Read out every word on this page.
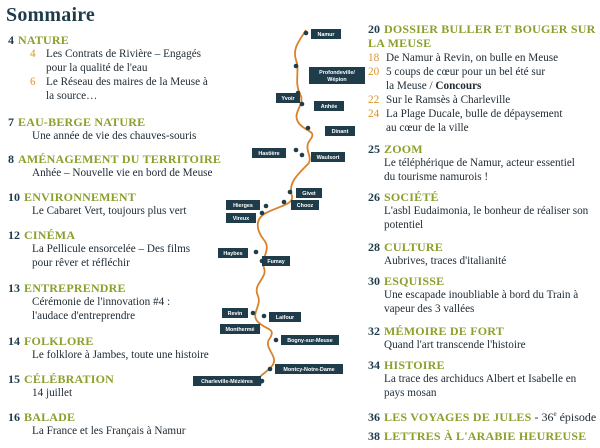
Sommaire
4 NATURE
4 Les Contrats de Rivière – Engagés pour la qualité de l'eau
6 Le Réseau des maires de la Meuse à la source…
7 EAU-BERGE NATURE
Une année de vie des chauves-souris
8 AMÉNAGEMENT DU TERRITOIRE
Anhée – Nouvelle vie en bord de Meuse
10 ENVIRONNEMENT
Le Cabaret Vert, toujours plus vert
12 CINÉMA
La Pellicule ensorcelée – Des films pour rêver et réfléchir
13 ENTREPRENDRE
Cérémonie de l'innovation #4 : l'audace d'entreprendre
14 FOLKLORE
Le folklore à Jambes, toute une histoire
15 CÉLÉBRATION
14 juillet
16 BALADE
La France et les Français à Namur
Namur
Profondeville/ Wépion
Yvoir
Anhée
Dinant
Hastière
Waulsort
Givet
Chooz
Hierges
Vireux
Haybes
Fumay
Revin
Laifour
Monthermé
Bogny-sur-Meuse
Montcy-Notre-Dame
Charleville-Mézières
20 DOSSIER BULLER ET BOUGER SUR LA MEUSE
18 De Namur à Revin, on bulle en Meuse
20 5 coups de cœur pour un bel été sur la Meuse / Concours
22 Sur le Ramsès à Charleville
24 La Plage Ducale, bulle de dépaysement au cœur de la ville
25 ZOOM
Le téléphérique de Namur, acteur essentiel du tourisme namurois !
26 SOCIÉTÉ
L'asbl Eudaimonia, le bonheur de réaliser son potentiel
28 CULTURE
Aubrives, traces d'italianité
30 ESQUISSE
Une escapade inoubliable à bord du Train à vapeur des 3 vallées
32 MÉMOIRE DE FORT
Quand l'art transcende l'histoire
34 HISTOIRE
La trace des archiducs Albert et Isabelle en pays mosan
36 LES VOYAGES DE JULES - 36e épisode
38 LETTRES À L'ARABIE HEUREUSE
